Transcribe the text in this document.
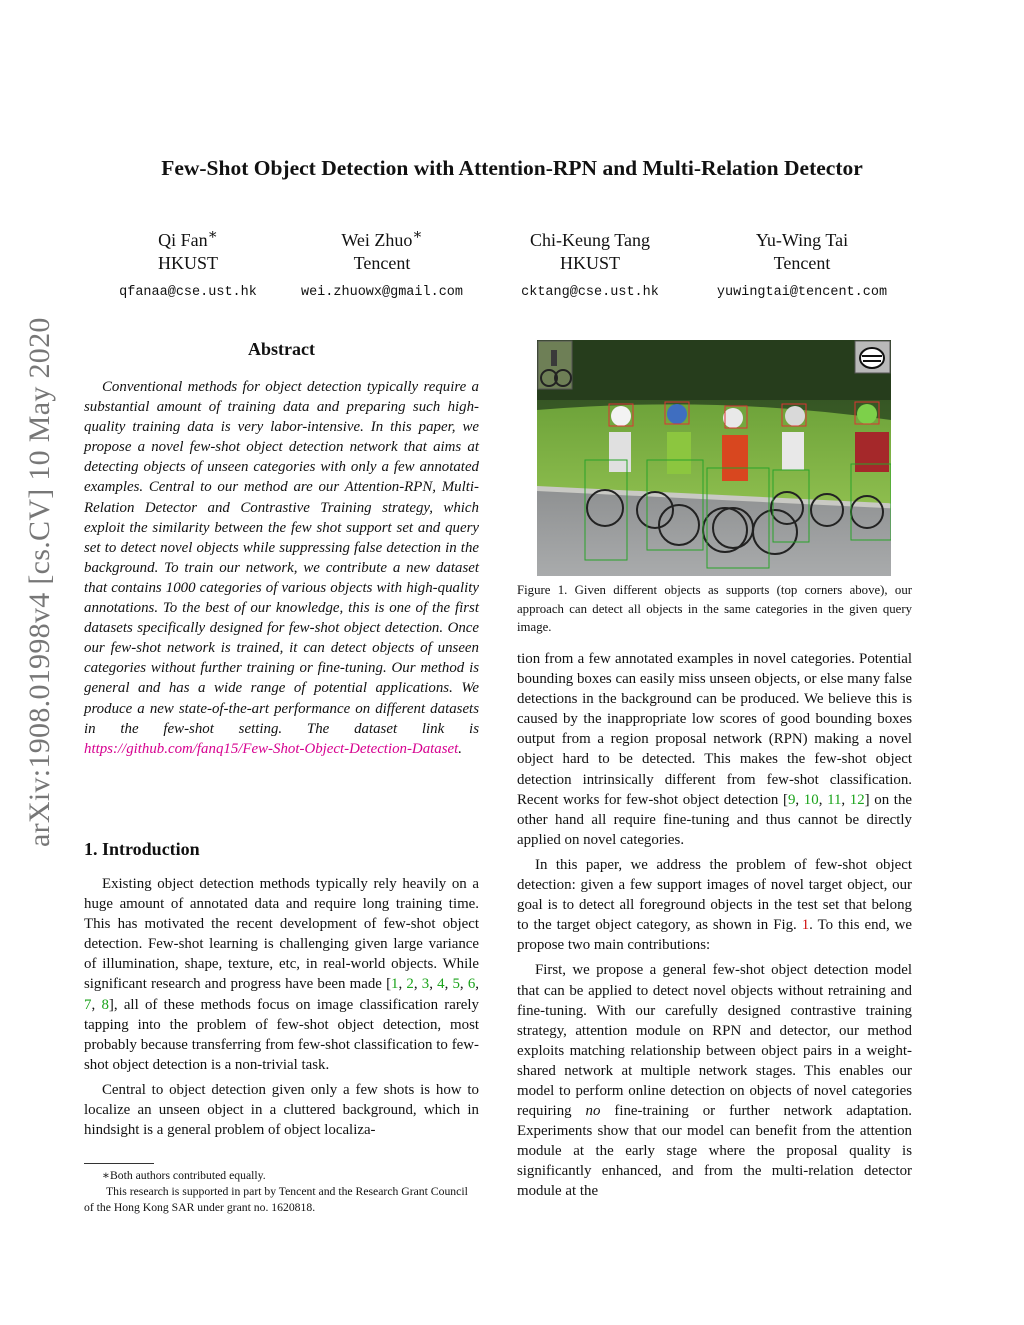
Few-Shot Object Detection with Attention-RPN and Multi-Relation Detector
Qi Fan∗
HKUST
qfanaa@cse.ust.hk
Wei Zhuo∗
Tencent
wei.zhuowx@gmail.com
Chi-Keung Tang
HKUST
cktang@cse.ust.hk
Yu-Wing Tai
Tencent
yuwingtai@tencent.com
arXiv:1908.01998v4 [cs.CV] 10 May 2020	Abstract

Conventional methods for object detection typically require a substantial amount of training data and preparing such high-quality training data is very labor-intensive. In this paper, we propose a novel few-shot object detection network that aims at detecting objects of unseen categories with only a few annotated examples. Central to our method are our Attention-RPN, Multi-Relation Detector and Contrastive Training strategy, which exploit the similarity between the few shot support set and query set to detect novel objects while suppressing false detection in the background. To train our network, we contribute a new dataset that contains 1000 categories of various objects with high-quality annotations. To the best of our knowledge, this is one of the first datasets specifically designed for few-shot object detection. Once our few-shot network is trained, it can detect objects of unseen categories without further training or fine-tuning. Our method is general and has a wide range of potential applications. We produce a new state-of-the-art performance on different datasets in the few-shot setting. The dataset link is https://github.com/fanq15/Few-Shot-Object-Detection-Dataset.

1. Introduction

Existing object detection methods typically rely heavily on a huge amount of annotated data and require long training time. This has motivated the recent development of few-shot object detection. Few-shot learning is challenging given large variance of illumination, shape, texture, etc, in real-world objects. While significant research and progress have been made [1, 2, 3, 4, 5, 6, 7, 8], all of these methods focus on image classification rarely tapping into the problem of few-shot object detection, most probably because transferring from few-shot classification to few-shot object detection is a non-trivial task.

Central to object detection given only a few shots is how to localize an unseen object in a cluttered background, which in hindsight is a general problem of object localiza-

∗Both authors contributed equally.
This research is supported in part by Tencent and the Research Grant Council of the Hong Kong SAR under grant no. 1620818.
Figure 1. Given different objects as supports (top corners above), our approach can detect all objects in the same categories in the given query image.

tion from a few annotated examples in novel categories. Potential bounding boxes can easily miss unseen objects, or else many false detections in the background can be produced. We believe this is caused by the inappropriate low scores of good bounding boxes output from a region proposal network (RPN) making a novel object hard to be detected. This makes the few-shot object detection intrinsically different from few-shot classification. Recent works for few-shot object detection [9, 10, 11, 12] on the other hand all require fine-tuning and thus cannot be directly applied on novel categories.

In this paper, we address the problem of few-shot object detection: given a few support images of novel target object, our goal is to detect all foreground objects in the test set that belong to the target object category, as shown in Fig. 1. To this end, we propose two main contributions:

First, we propose a general few-shot object detection model that can be applied to detect novel objects without retraining and fine-tuning. With our carefully designed contrastive training strategy, attention module on RPN and detector, our method exploits matching relationship between object pairs in a weight-shared network at multiple network stages. This enables our model to perform online detection on objects of novel categories requiring no fine-training or further network adaptation. Experiments show that our model can benefit from the attention module at the early stage where the proposal quality is significantly enhanced, and from the multi-relation detector module at the
